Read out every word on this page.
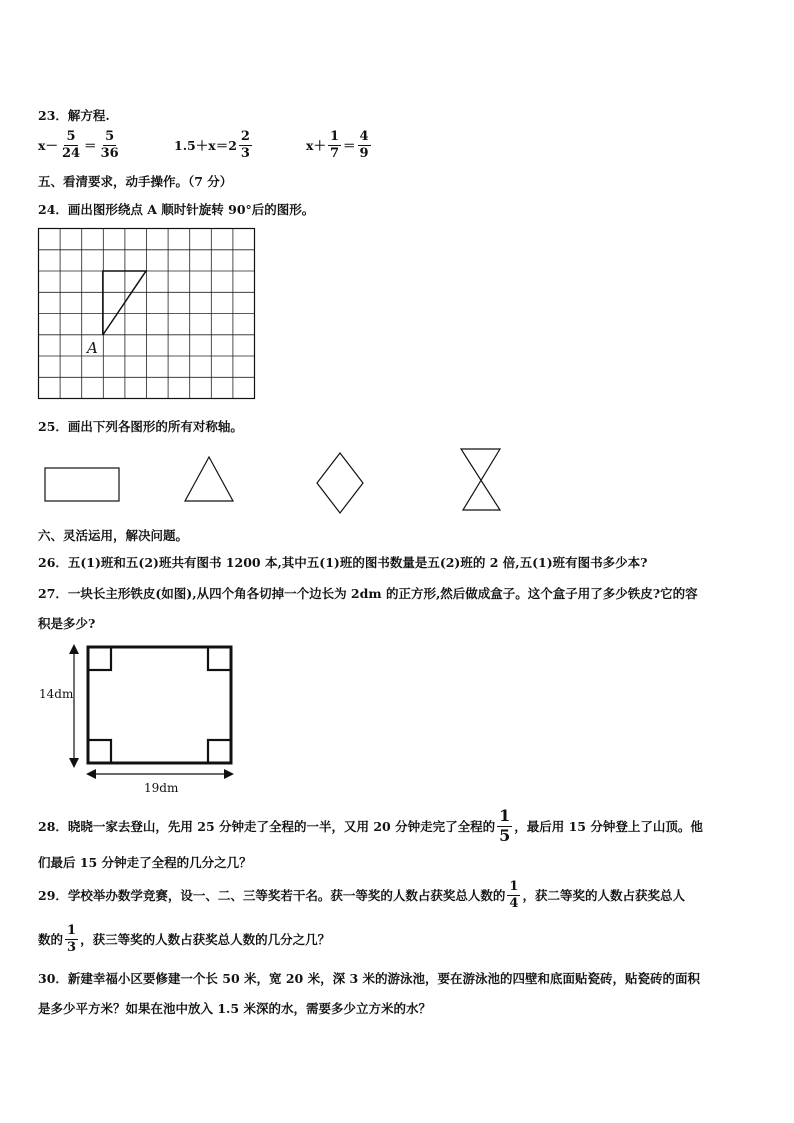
23．解方程.
$x- \frac{5}{24} = \frac{5}{36}$	$1.5+x=2 \frac{2}{3}$	$x+ \frac{1}{7} = \frac{4}{9}$
五、看清要求，动手操作。（7 分）
24．画出图形绕点 A 顺时针旋转 90°后的图形。
A
25．画出下列各图形的所有对称轴。
六、灵活运用，解决问题。
26．五(1)班和五(2)班共有图书 1200 本,其中五(1)班的图书数量是五(2)班的 2 倍,五(1)班有图书多少本?
27．一块长主形铁皮(如图),从四个角各切掉一个边长为 2dm 的正方形,然后做成盒子。这个盒子用了多少铁皮?它的容
积是多少?
14dm
19dm
28．晓晓一家去登山，先用 25 分钟走了全程的一半，又用 20 分钟走完了全程的 $\frac{1}{5}$ ，最后用 15 分钟登上了山顶。他
们最后 15 分钟走了全程的几分之几？
29．学校举办数学竞赛，设一、二、三等奖若干名。获一等奖的人数占获奖总人数的 $\frac{1}{4}$ ，获二等奖的人数占获奖总人
数的 $\frac{1}{3}$ ，获三等奖的人数占获奖总人数的几分之几？
30．新建幸福小区要修建一个长 50 米，宽 20 米，深 3 米的游泳池，要在游泳池的四壁和底面贴瓷砖，贴瓷砖的面积
是多少平方米？如果在池中放入 1.5 米深的水，需要多少立方米的水？
